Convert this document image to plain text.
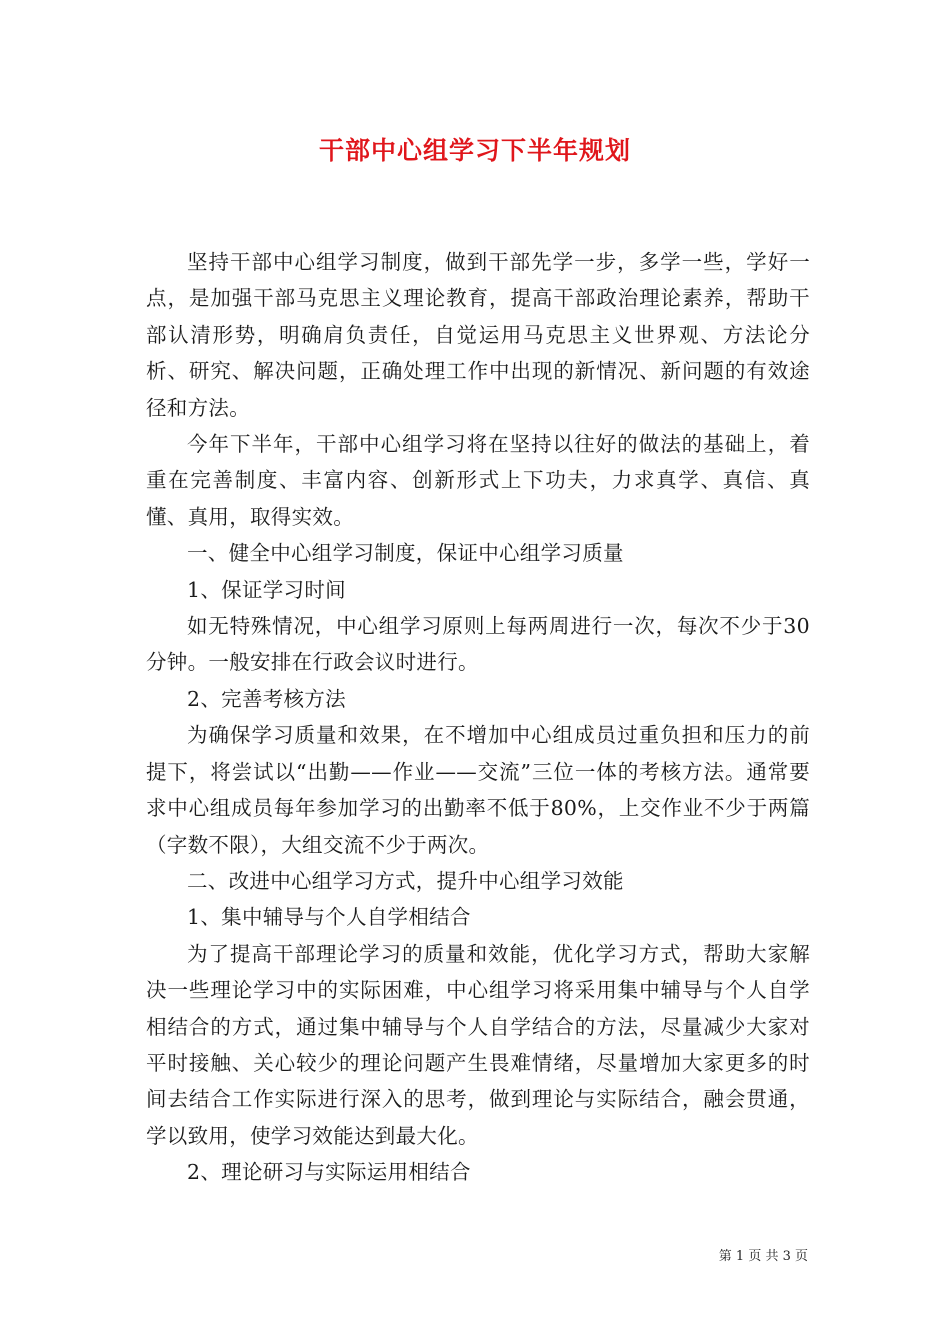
干部中心组学习下半年规划

坚持干部中心组学习制度，做到干部先学一步，多学一些，学好一点，是加强干部马克思主义理论教育，提高干部政治理论素养，帮助干部认清形势，明确肩负责任，自觉运用马克思主义世界观、方法论分析、研究、解决问题，正确处理工作中出现的新情况、新问题的有效途径和方法。

今年下半年，干部中心组学习将在坚持以往好的做法的基础上，着重在完善制度、丰富内容、创新形式上下功夫，力求真学、真信、真懂、真用，取得实效。

一、健全中心组学习制度，保证中心组学习质量

1、保证学习时间

如无特殊情况，中心组学习原则上每两周进行一次，每次不少于30分钟。一般安排在行政会议时进行。

2、完善考核方法

为确保学习质量和效果，在不增加中心组成员过重负担和压力的前提下，将尝试以“出勤——作业——交流”三位一体的考核方法。通常要求中心组成员每年参加学习的出勤率不低于80%，上交作业不少于两篇（字数不限），大组交流不少于两次。

二、改进中心组学习方式，提升中心组学习效能

1、集中辅导与个人自学相结合

为了提高干部理论学习的质量和效能，优化学习方式，帮助大家解决一些理论学习中的实际困难，中心组学习将采用集中辅导与个人自学相结合的方式，通过集中辅导与个人自学结合的方法，尽量减少大家对平时接触、关心较少的理论问题产生畏难情绪，尽量增加大家更多的时间去结合工作实际进行深入的思考，做到理论与实际结合，融会贯通，学以致用，使学习效能达到最大化。

2、理论研习与实际运用相结合

第 1 页 共 3 页
